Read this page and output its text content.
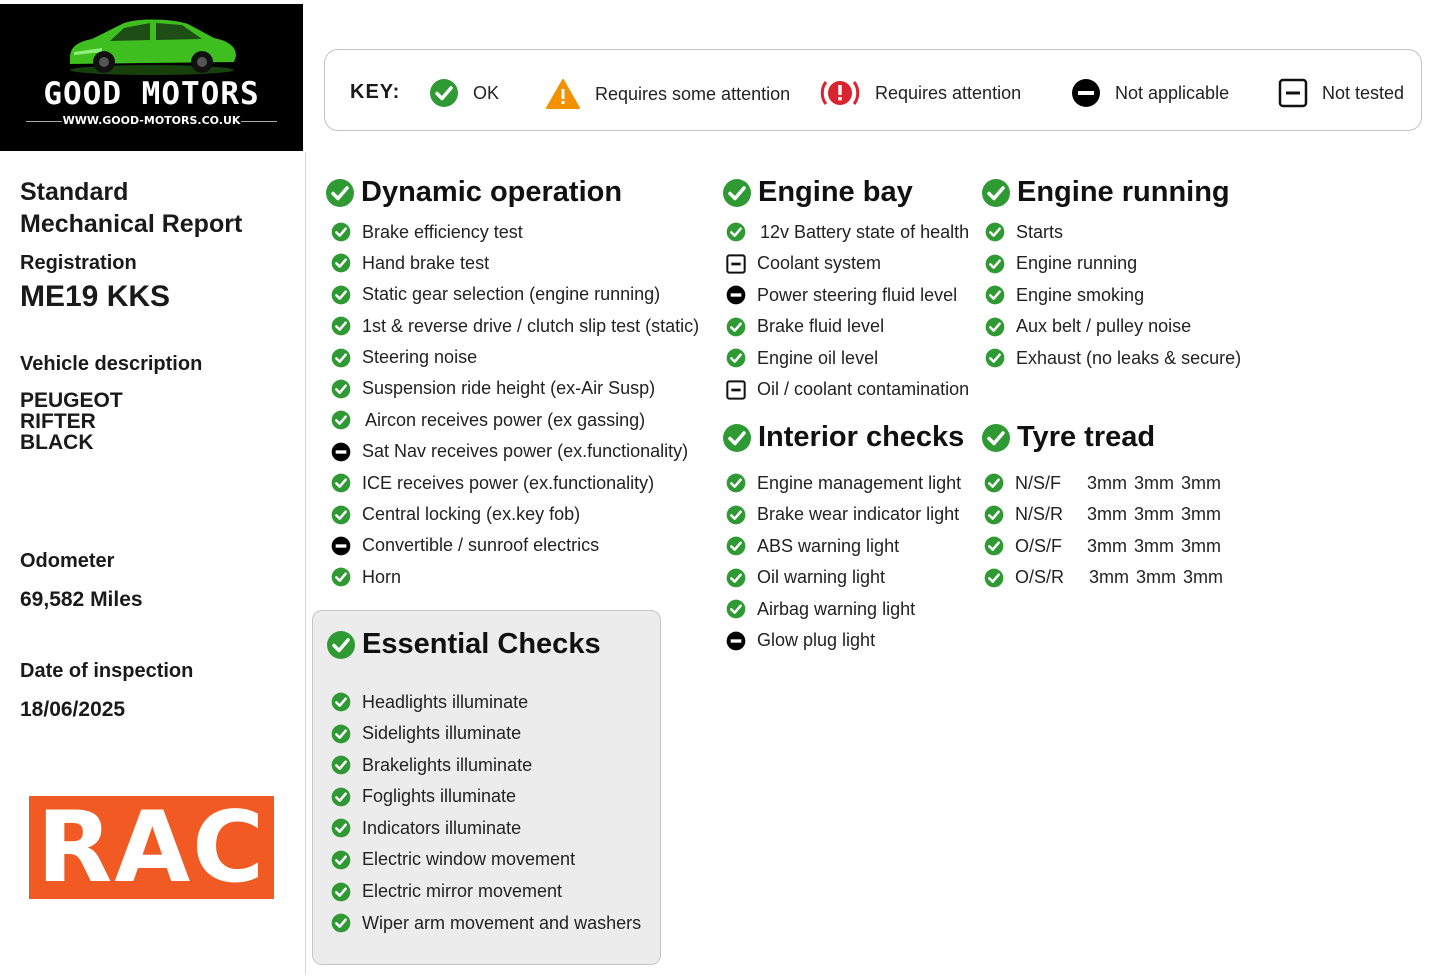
GOOD MOTORS
WWW.GOOD-MOTORS.CO.UK
Standard
Mechanical Report
Registration
ME19 KKS
Vehicle description
PEUGEOT
RIFTER
BLACK
Odometer
69,582 Miles
Date of inspection
18/06/2025
RAC
KEY:	OK	Requires some attention	Requires attention	Not applicable	Not tested
Dynamic operation
Brake efficiency test
Hand brake test
Static gear selection (engine running)
1st & reverse drive / clutch slip test (static)
Steering noise
Suspension ride height (ex-Air Susp)
Aircon receives power (ex gassing)
Sat Nav receives power (ex.functionality)
ICE receives power (ex.functionality)
Central locking (ex.key fob)
Convertible / sunroof electrics
Horn
Essential Checks
Headlights illuminate
Sidelights illuminate
Brakelights illuminate
Foglights illuminate
Indicators illuminate
Electric window movement
Electric mirror movement
Wiper arm movement and washers
Engine bay
12v Battery state of health
Coolant system
Power steering fluid level
Brake fluid level
Engine oil level
Oil / coolant contamination
Interior checks
Engine management light
Brake wear indicator light
ABS warning light
Oil warning light
Airbag warning light
Glow plug light
Engine running
Starts
Engine running
Engine smoking
Aux belt / pulley noise
Exhaust (no leaks & secure)
Tyre tread
N/S/F	3mm 3mm 3mm
N/S/R	3mm 3mm 3mm
O/S/F	3mm 3mm 3mm
O/S/R	3mm 3mm 3mm
